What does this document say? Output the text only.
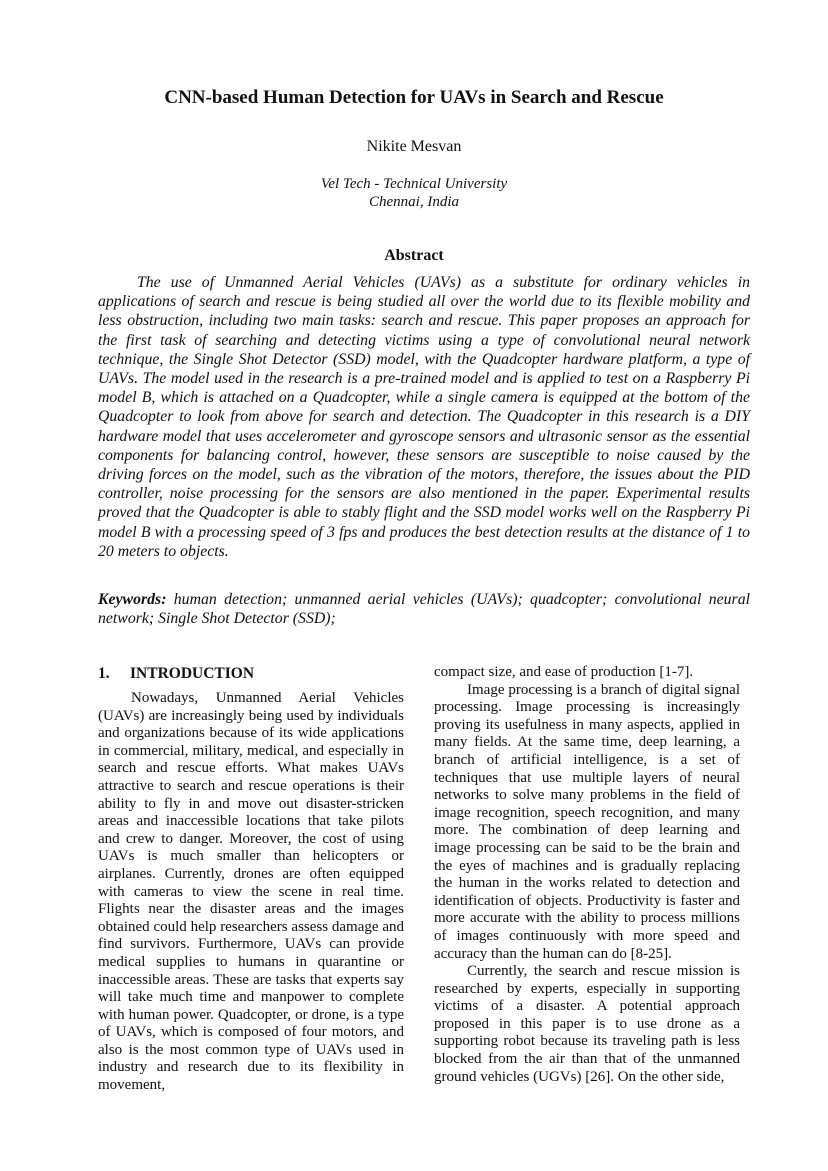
CNN-based Human Detection for UAVs in Search and Rescue
Nikite Mesvan
Vel Tech - Technical University
Chennai, India
Abstract

The use of Unmanned Aerial Vehicles (UAVs) as a substitute for ordinary vehicles in applications of search and rescue is being studied all over the world due to its flexible mobility and less obstruction, including two main tasks: search and rescue. This paper proposes an approach for the first task of searching and detecting victims using a type of convolutional neural network technique, the Single Shot Detector (SSD) model, with the Quadcopter hardware platform, a type of UAVs. The model used in the research is a pre-trained model and is applied to test on a Raspberry Pi model B, which is attached on a Quadcopter, while a single camera is equipped at the bottom of the Quadcopter to look from above for search and detection. The Quadcopter in this research is a DIY hardware model that uses accelerometer and gyroscope sensors and ultrasonic sensor as the essential components for balancing control, however, these sensors are susceptible to noise caused by the driving forces on the model, such as the vibration of the motors, therefore, the issues about the PID controller, noise processing for the sensors are also mentioned in the paper. Experimental results proved that the Quadcopter is able to stably flight and the SSD model works well on the Raspberry Pi model B with a processing speed of 3 fps and produces the best detection results at the distance of 1 to 20 meters to objects.

Keywords: human detection; unmanned aerial vehicles (UAVs); quadcopter; convolutional neural network; Single Shot Detector (SSD);

1. INTRODUCTION

Nowadays, Unmanned Aerial Vehicles (UAVs) are increasingly being used by individuals and organizations because of its wide applications in commercial, military, medical, and especially in search and rescue efforts. What makes UAVs attractive to search and rescue operations is their ability to fly in and move out disaster-stricken areas and inaccessible locations that take pilots and crew to danger. Moreover, the cost of using UAVs is much smaller than helicopters or airplanes. Currently, drones are often equipped with cameras to view the scene in real time. Flights near the disaster areas and the images obtained could help researchers assess damage and find survivors. Furthermore, UAVs can provide medical supplies to humans in quarantine or inaccessible areas. These are tasks that experts say will take much time and manpower to complete with human power. Quadcopter, or drone, is a type of UAVs, which is composed of four motors, and also is the most common type of UAVs used in industry and research due to its flexibility in movement,

compact size, and ease of production [1-7].

Image processing is a branch of digital signal processing. Image processing is increasingly proving its usefulness in many aspects, applied in many fields. At the same time, deep learning, a branch of artificial intelligence, is a set of techniques that use multiple layers of neural networks to solve many problems in the field of image recognition, speech recognition, and many more. The combination of deep learning and image processing can be said to be the brain and the eyes of machines and is gradually replacing the human in the works related to detection and identification of objects. Productivity is faster and more accurate with the ability to process millions of images continuously with more speed and accuracy than the human can do [8-25].

Currently, the search and rescue mission is researched by experts, especially in supporting victims of a disaster. A potential approach proposed in this paper is to use drone as a supporting robot because its traveling path is less blocked from the air than that of the unmanned ground vehicles (UGVs) [26]. On the other side,
